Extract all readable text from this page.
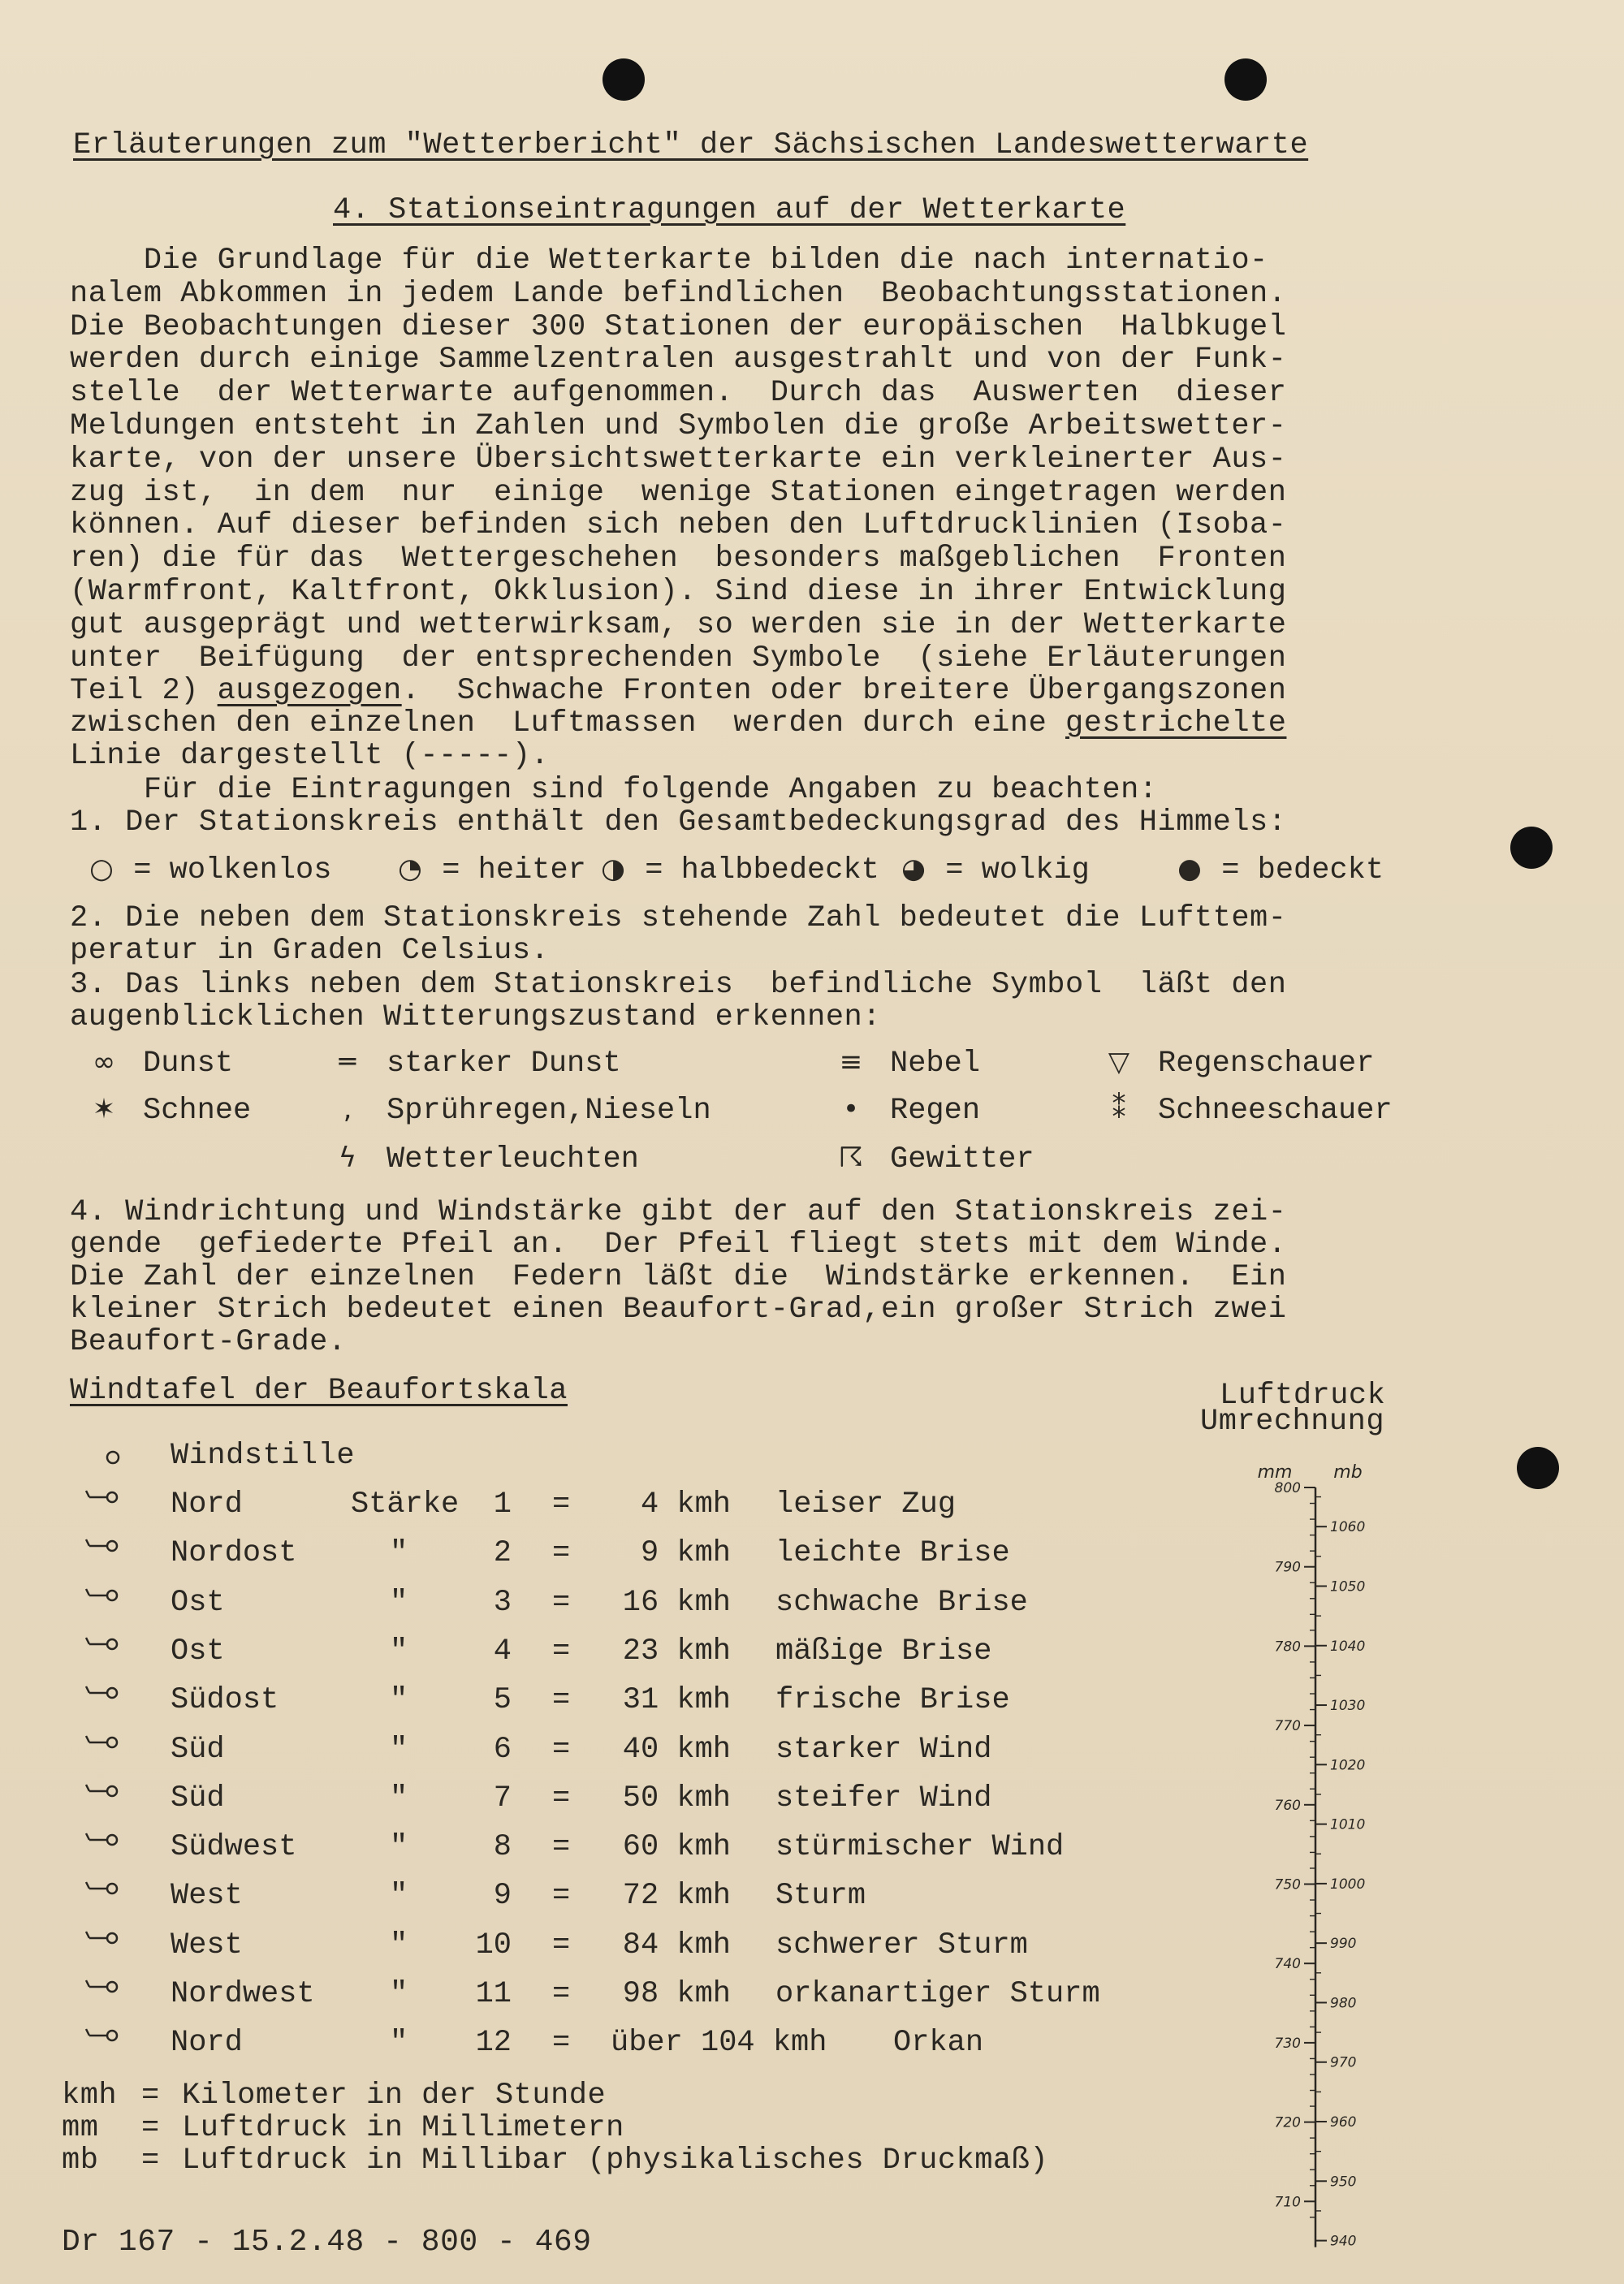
Erläuterungen zum "Wetterbericht" der Sächsischen Landeswetterwarte
4. Stationseintragungen auf der Wetterkarte
Die Grundlage für die Wetterkarte bilden die nach internatio-
nalem Abkommen in jedem Lande befindlichen  Beobachtungsstationen.
Die Beobachtungen dieser 300 Stationen der europäischen  Halbkugel
werden durch einige Sammelzentralen ausgestrahlt und von der Funk-
stelle  der Wetterwarte aufgenommen.  Durch das  Auswerten  dieser
Meldungen entsteht in Zahlen und Symbolen die große Arbeitswetter-
karte, von der unsere Übersichtswetterkarte ein verkleinerter Aus-
zug ist,  in dem  nur  einige  wenige Stationen eingetragen werden
können. Auf dieser befinden sich neben den Luftdrucklinien (Isoba-
ren) die für das  Wettergeschehen  besonders maßgeblichen  Fronten
(Warmfront, Kaltfront, Okklusion). Sind diese in ihrer Entwicklung
gut ausgeprägt und wetterwirksam, so werden sie in der Wetterkarte
unter  Beifügung  der entsprechenden Symbole  (siehe Erläuterungen
Teil 2) ausgezogen.  Schwache Fronten oder breitere Übergangszonen
zwischen den einzelnen  Luftmassen  werden durch eine gestrichelte
Linie dargestellt (-----).
Für die Eintragungen sind folgende Angaben zu beachten:
1. Der Stationskreis enthält den Gesamtbedeckungsgrad des Himmels:
○ = wolkenlos ◔ = heiter ◑ = halbbedeckt ◕ = wolkig	● = bedeckt
2. Die neben dem Stationskreis stehende Zahl bedeutet die Lufttem-
peratur in Graden Celsius.
3. Das links neben dem Stationskreis  befindliche Symbol  läßt den
augenblicklichen Witterungszustand erkennen:
∞ Dunst	═ starker Dunst	≡ Nebel	▽ Regenschauer
✶ Schnee	, Sprühregen,Nieseln	• Regen	⁑ Schneeschauer
ϟ Wetterleuchten	☈ Gewitter
4. Windrichtung und Windstärke gibt der auf den Stationskreis zei-
gende  gefiederte Pfeil an.  Der Pfeil fliegt stets mit dem Winde.
Die Zahl der einzelnen  Federn läßt die  Windstärke erkennen.  Ein
kleiner Strich bedeutet einen Beaufort-Grad,ein großer Strich zwei
Beaufort-Grade.
Windtafel der Beaufortskala	Luftdruck
Umrechnung
Windstille
Nord	Stärke	1 =	4 kmh leiser Zug
Nordost	"	2 =	9 kmh leichte Brise
Ost	"	3 =	16 kmh schwache Brise
Ost	"	4 =	23 kmh mäßige Brise
Südost	"	5 =	31 kmh frische Brise
Süd	"	6 =	40 kmh starker Wind
Süd	"	7 =	50 kmh steifer Wind
Südwest	"	8 =	60 kmh stürmischer Wind
West	"	9 =	72 kmh Sturm
West	"	10 =	84 kmh schwerer Sturm
Nordwest "	11 =	98 kmh orkanartiger Sturm
Nord	"	12 = über 104 kmh Orkan
mm mb
800
790
780
770
760
750
740
730
720
710
1060
1050
1040
1030
1020
1010
1000
990
980
970
960
950
940
kmh = Kilometer in der Stunde
mm = Luftdruck in Millimetern
mb = Luftdruck in Millibar (physikalisches Druckmaß)
Dr 167 - 15.2.48 - 800 - 469
